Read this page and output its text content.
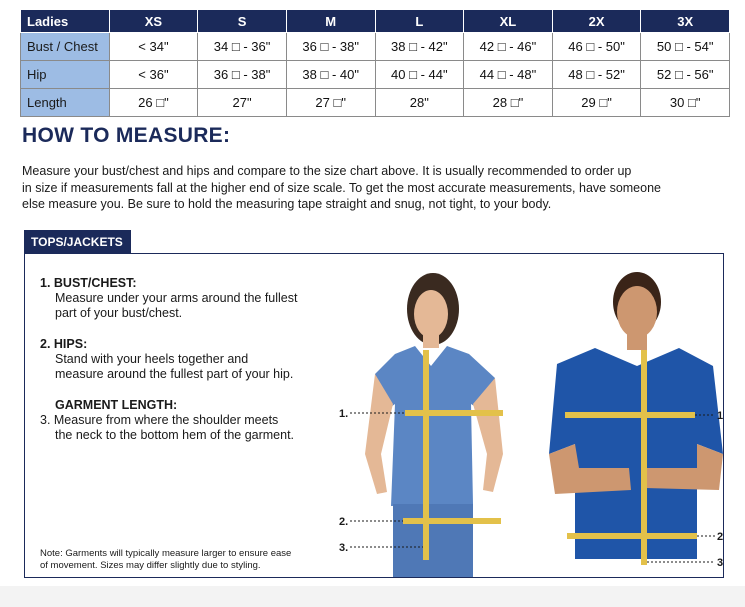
Ladies	XS	S	M	L	XL	2X	3X
Bust / Chest	< 34"	34 □ - 36"	36 □ - 38"	38 □ - 42"	42 □ - 46"	46 □ - 50"	50 □ - 54"
Hip	< 36"	36 □ - 38"	38 □ - 40"	40 □ - 44"	44 □ - 48"	48 □ - 52"	52 □ - 56"
Length	26 □"	27"	27 □"	28"	28 □"	29 □"	30 □"
HOW TO MEASURE:
Measure your bust/chest and hips and compare to the size chart above. It is usually recommended to order up
in size if measurements fall at the higher end of size scale. To get the most accurate measurements, have someone
else measure you. Be sure to hold the measuring tape straight and snug, not tight, to your body.
TOPS/JACKETS
1. BUST/CHEST:
Measure under your arms around the fullest
part of your bust/chest.
2. HIPS:
Stand with your heels together and
measure around the fullest part of your hip.
GARMENT LENGTH:
3. Measure from where the shoulder meets
the neck to the bottom hem of the garment.
Note: Garments will typically measure larger to ensure ease
of movement. Sizes may differ slightly due to styling.
1.
2.
3.
1
2
3
